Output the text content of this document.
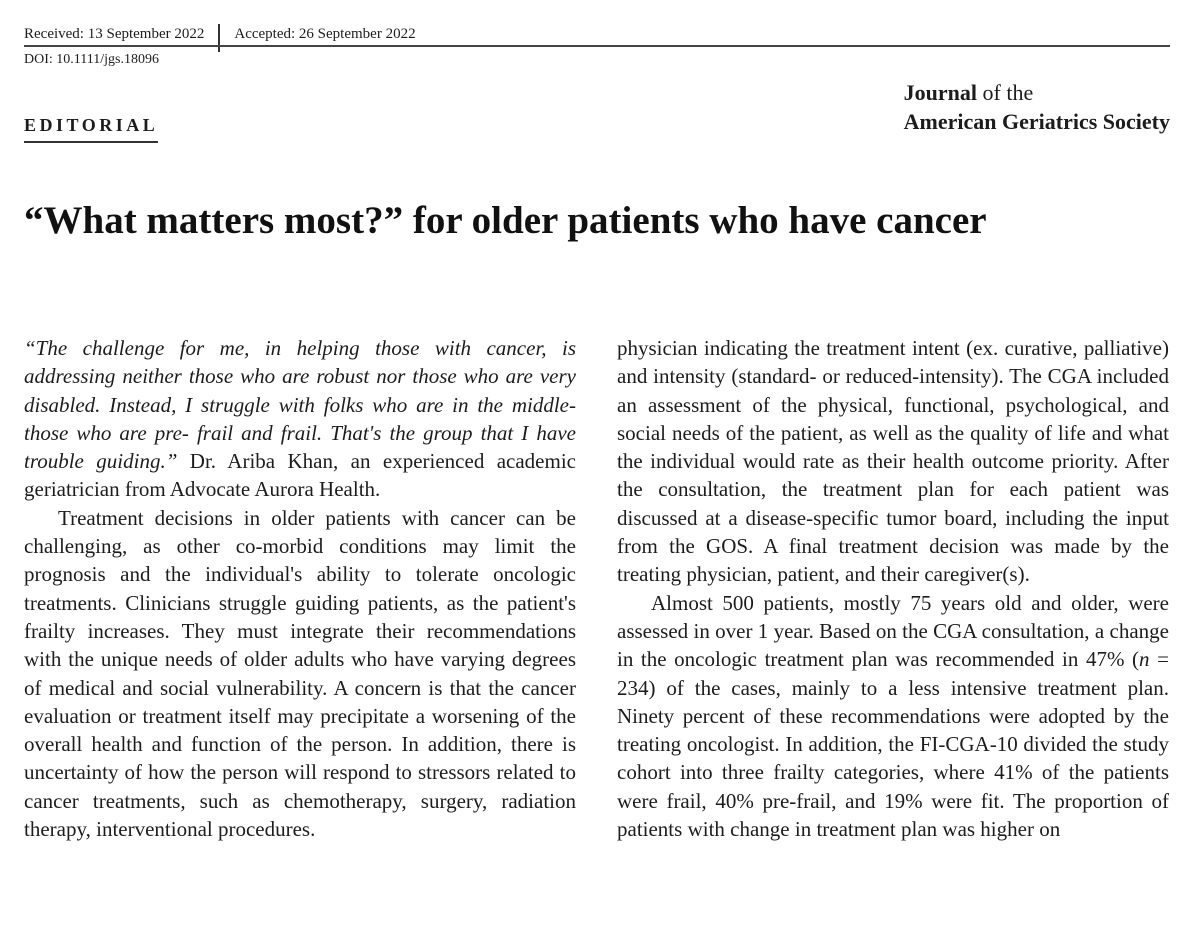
Received: 13 September 2022 Accepted: 26 September 2022
DOI: 10.1111/jgs.18096
EDITORIAL
Journal of the
American Geriatrics Society
“What matters most?” for older patients who have cancer

“The challenge for me, in helping those with cancer, is addressing neither those who are robust nor those who are very disabled. Instead, I struggle with folks who are in the middle- those who are pre- frail and frail. That's the group that I have trouble guiding.” Dr. Ariba Khan, an experienced academic geriatrician from Advocate Aurora Health.

Treatment decisions in older patients with cancer can be challenging, as other co-morbid conditions may limit the prognosis and the individual's ability to tolerate oncologic treatments. Clinicians struggle guiding patients, as the patient's frailty increases. They must integrate their recommendations with the unique needs of older adults who have varying degrees of medical and social vulnerability. A concern is that the cancer evaluation or treatment itself may precipitate a worsening of the overall health and function of the person. In addition, there is uncertainty of how the person will respond to stressors related to cancer treatments, such as chemotherapy, surgery, radiation therapy, interventional procedures.

physician indicating the treatment intent (ex. curative, palliative) and intensity (standard- or reduced-intensity). The CGA included an assessment of the physical, functional, psychological, and social needs of the patient, as well as the quality of life and what the individual would rate as their health outcome priority. After the consultation, the treatment plan for each patient was discussed at a disease-specific tumor board, including the input from the GOS. A final treatment decision was made by the treating physician, patient, and their caregiver(s).

Almost 500 patients, mostly 75 years old and older, were assessed in over 1 year. Based on the CGA consultation, a change in the oncologic treatment plan was recommended in 47% (n = 234) of the cases, mainly to a less intensive treatment plan. Ninety percent of these recommendations were adopted by the treating oncologist. In addition, the FI-CGA-10 divided the study cohort into three frailty categories, where 41% of the patients were frail, 40% pre-frail, and 19% were fit. The proportion of patients with change in treatment plan was higher on
